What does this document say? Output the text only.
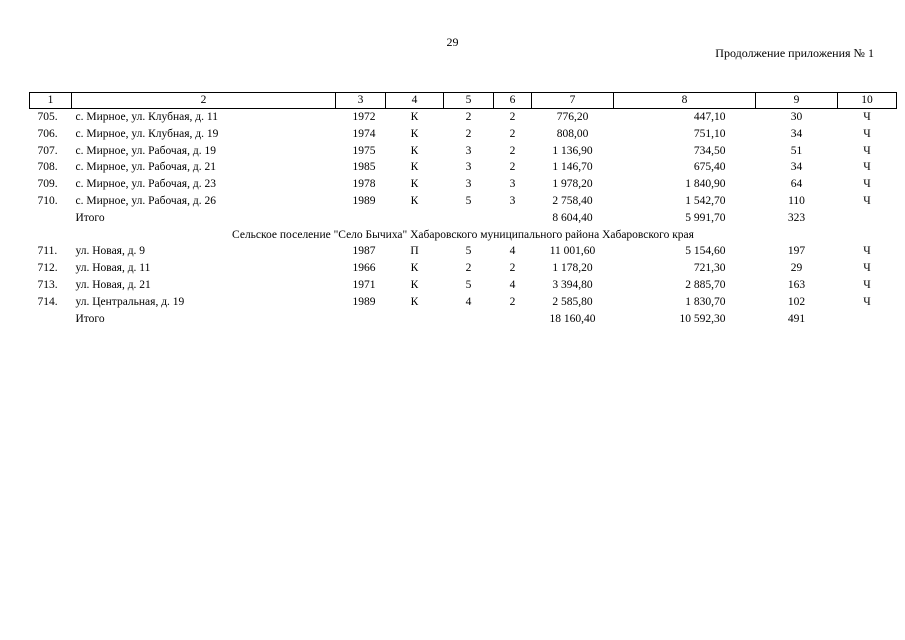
29
Продолжение приложения № 1
1	2	3	4	5	6	7	8	9	10
705.	с. Мирное, ул. Клубная, д. 11	1972	К	2	2	776,20	447,10	30	Ч
706.	с. Мирное, ул. Клубная, д. 19	1974	К	2	2	808,00	751,10	34	Ч
707.	с. Мирное, ул. Рабочая, д. 19	1975	К	3	2	1 136,90	734,50	51	Ч
708.	с. Мирное, ул. Рабочая, д. 21	1985	К	3	2	1 146,70	675,40	34	Ч
709.	с. Мирное, ул. Рабочая, д. 23	1978	К	3	3	1 978,20	1 840,90	64	Ч
710.	с. Мирное, ул. Рабочая, д. 26	1989	К	5	3	2 758,40	1 542,70	110	Ч
	Итого					8 604,40	5 991,70	323	
Сельское поселение "Село Бычиха" Хабаровского муниципального района Хабаровского края									
711.	ул. Новая, д. 9	1987	П	5	4	11 001,60	5 154,60	197	Ч
712.	ул. Новая, д. 11	1966	К	2	2	1 178,20	721,30	29	Ч
713.	ул. Новая, д. 21	1971	К	5	4	3 394,80	2 885,70	163	Ч
714.	ул. Центральная, д. 19	1989	К	4	2	2 585,80	1 830,70	102	Ч
	Итого					18 160,40	10 592,30	491	
